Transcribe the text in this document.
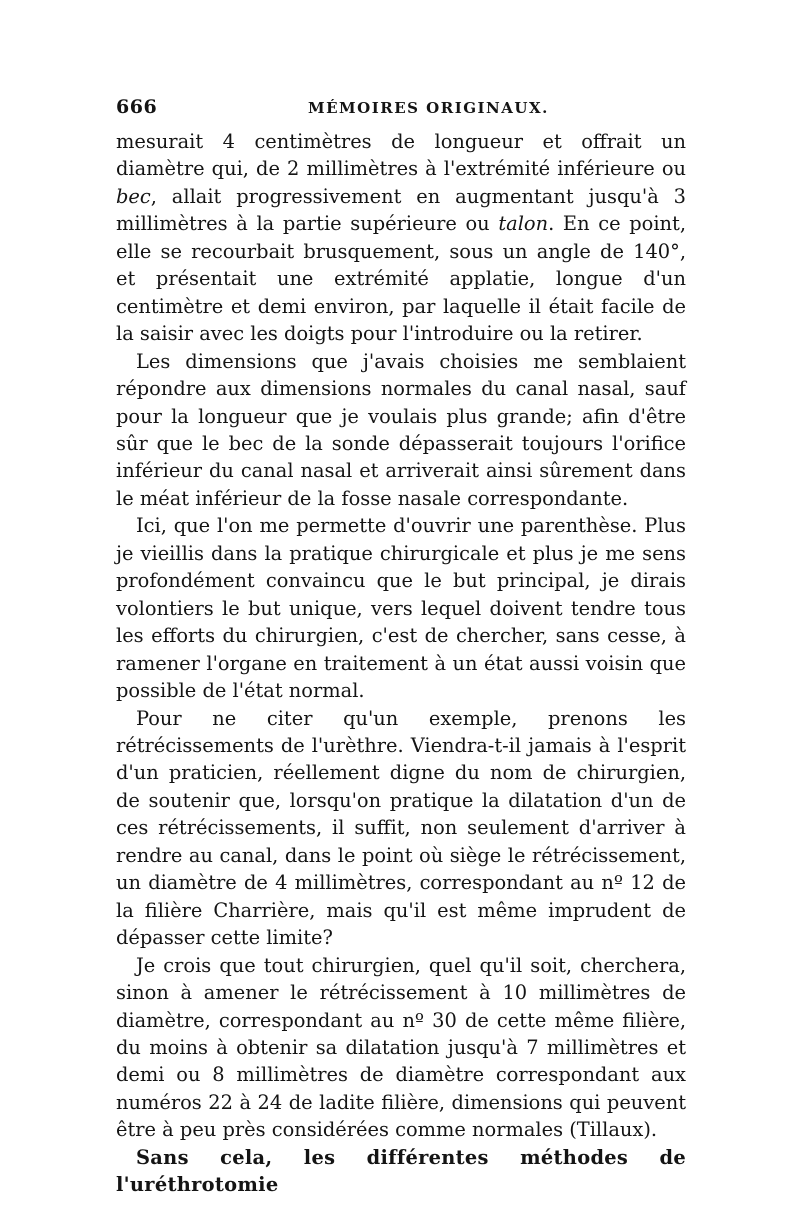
666	MÉMOIRES ORIGINAUX.

mesurait 4 centimètres de longueur et offrait un diamètre qui, de 2 millimètres à l'extrémité inférieure ou bec, allait progressivement en augmentant jusqu'à 3 millimètres à la partie supérieure ou talon. En ce point, elle se recourbait brusquement, sous un angle de 140°, et présentait une extrémité applatie, longue d'un centimètre et demi environ, par laquelle il était facile de la saisir avec les doigts pour l'introduire ou la retirer.

Les dimensions que j'avais choisies me semblaient répondre aux dimensions normales du canal nasal, sauf pour la longueur que je voulais plus grande; afin d'être sûr que le bec de la sonde dépasserait toujours l'orifice inférieur du canal nasal et arriverait ainsi sûrement dans le méat inférieur de la fosse nasale correspondante.

Ici, que l'on me permette d'ouvrir une parenthèse. Plus je vieillis dans la pratique chirurgicale et plus je me sens profondément convaincu que le but principal, je dirais volontiers le but unique, vers lequel doivent tendre tous les efforts du chirurgien, c'est de chercher, sans cesse, à ramener l'organe en traitement à un état aussi voisin que possible de l'état normal.

Pour ne citer qu'un exemple, prenons les rétrécissements de l'urèthre. Viendra-t-il jamais à l'esprit d'un praticien, réellement digne du nom de chirurgien, de soutenir que, lorsqu'on pratique la dilatation d'un de ces rétrécissements, il suffit, non seulement d'arriver à rendre au canal, dans le point où siège le rétrécissement, un diamètre de 4 millimètres, correspondant au nº 12 de la filière Charrière, mais qu'il est même imprudent de dépasser cette limite?

Je crois que tout chirurgien, quel qu'il soit, cherchera, sinon à amener le rétrécissement à 10 millimètres de diamètre, correspondant au nº 30 de cette même filière, du moins à obtenir sa dilatation jusqu'à 7 millimètres et demi ou 8 millimètres de diamètre correspondant aux numéros 22 à 24 de ladite filière, dimensions qui peuvent être à peu près considérées comme normales (Tillaux).

Sans cela, les différentes méthodes de l'uréthrotomie
